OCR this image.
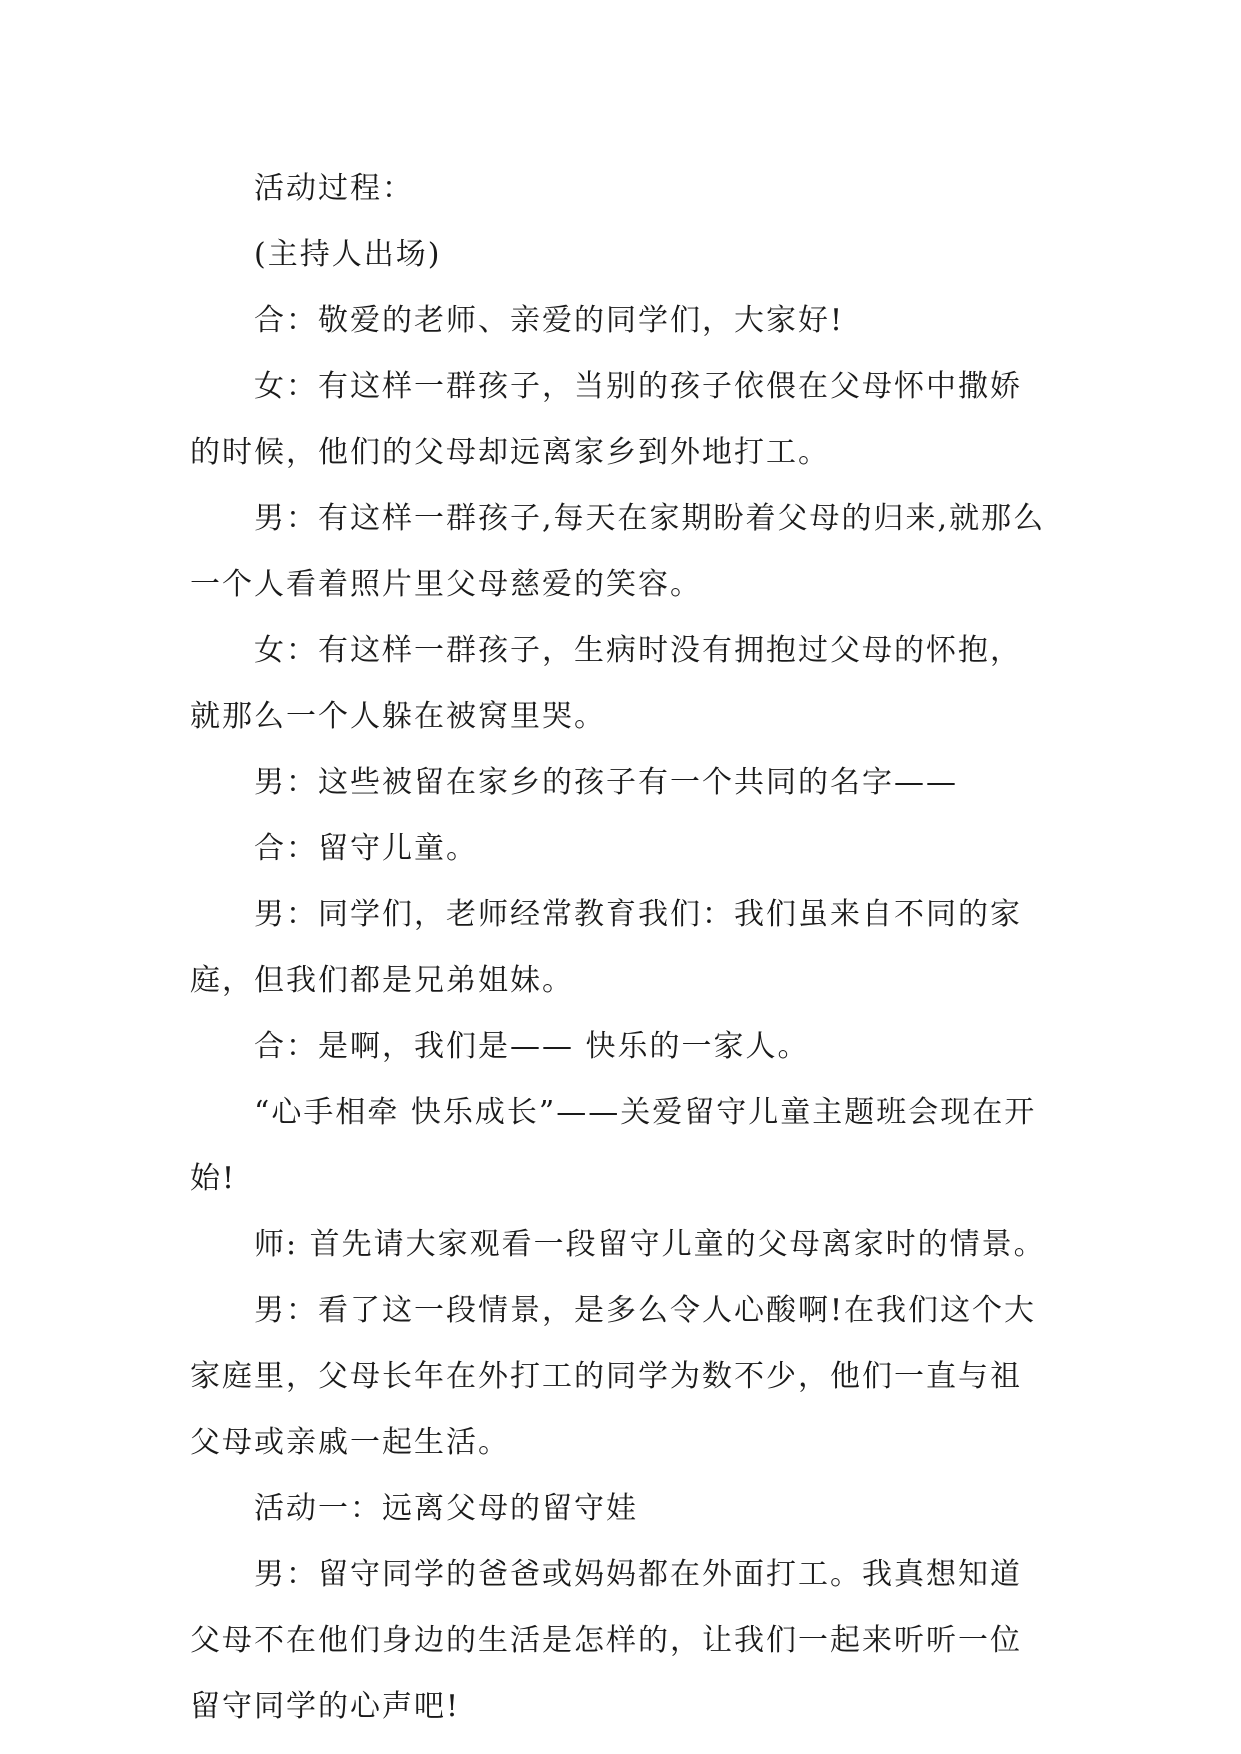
活动过程：

(主持人出场)

合：敬爱的老师、亲爱的同学们，大家好!

女：有这样一群孩子，当别的孩子依偎在父母怀中撒娇的时候，他们的父母却远离家乡到外地打工。

男：有这样一群孩子,每天在家期盼着父母的归来,就那么一个人看着照片里父母慈爱的笑容。

女：有这样一群孩子，生病时没有拥抱过父母的怀抱，就那么一个人躲在被窝里哭。

男：这些被留在家乡的孩子有一个共同的名字——

合：留守儿童。

男：同学们，老师经常教育我们：我们虽来自不同的家庭，但我们都是兄弟姐妹。

合：是啊，我们是—— 快乐的一家人。

“心手相牵 快乐成长”——关爱留守儿童主题班会现在开始!

师: 首先请大家观看一段留守儿童的父母离家时的情景。

男：看了这一段情景，是多么令人心酸啊!在我们这个大家庭里，父母长年在外打工的同学为数不少，他们一直与祖父母或亲戚一起生活。

活动一：远离父母的留守娃

男：留守同学的爸爸或妈妈都在外面打工。我真想知道父母不在他们身边的生活是怎样的，让我们一起来听听一位留守同学的心声吧!
